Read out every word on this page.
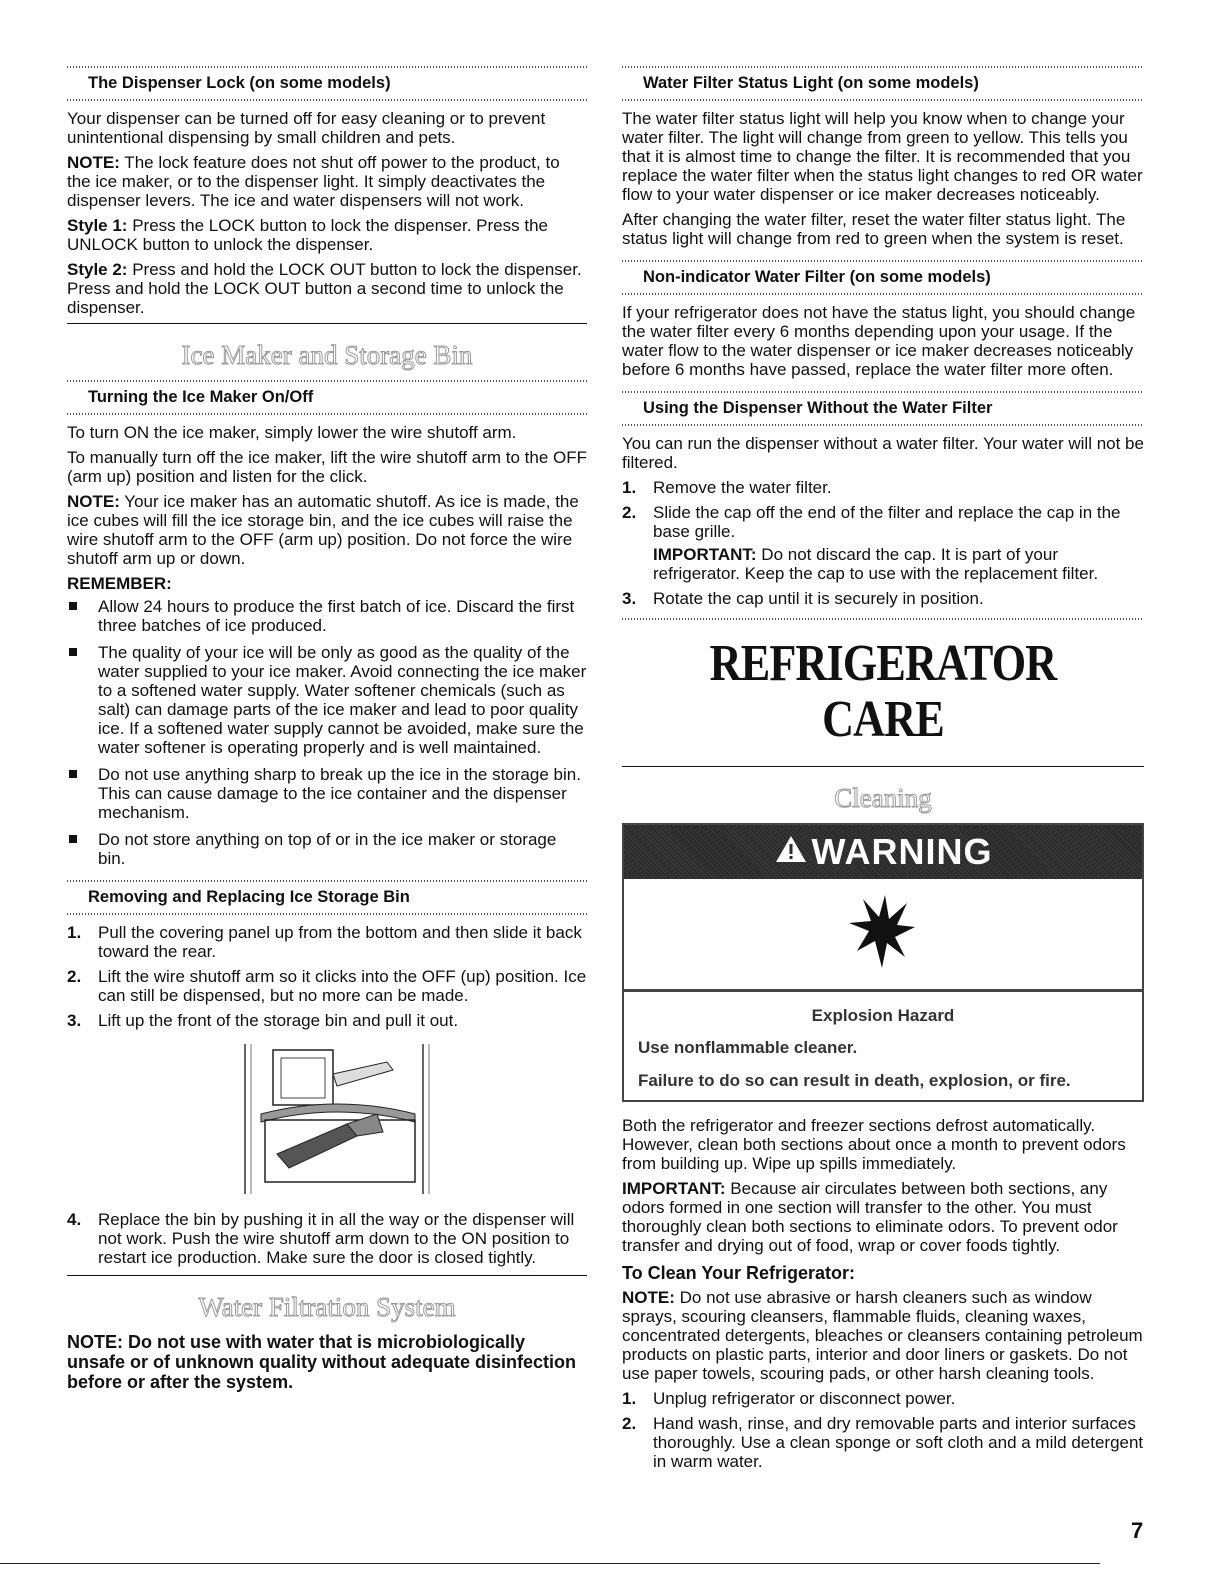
The Dispenser Lock (on some models)

Your dispenser can be turned off for easy cleaning or to prevent unintentional dispensing by small children and pets.

NOTE: The lock feature does not shut off power to the product, to the ice maker, or to the dispenser light. It simply deactivates the dispenser levers. The ice and water dispensers will not work.

Style 1: Press the LOCK button to lock the dispenser. Press the UNLOCK button to unlock the dispenser.

Style 2: Press and hold the LOCK OUT button to lock the dispenser. Press and hold the LOCK OUT button a second time to unlock the dispenser.

Ice Maker and Storage Bin
Turning the Ice Maker On/Off

To turn ON the ice maker, simply lower the wire shutoff arm.

To manually turn off the ice maker, lift the wire shutoff arm to the OFF (arm up) position and listen for the click.

NOTE: Your ice maker has an automatic shutoff. As ice is made, the ice cubes will fill the ice storage bin, and the ice cubes will raise the wire shutoff arm to the OFF (arm up) position. Do not force the wire shutoff arm up or down.

REMEMBER:

Allow 24 hours to produce the first batch of ice. Discard the first three batches of ice produced.
The quality of your ice will be only as good as the quality of the water supplied to your ice maker. Avoid connecting the ice maker to a softened water supply. Water softener chemicals (such as salt) can damage parts of the ice maker and lead to poor quality ice. If a softened water supply cannot be avoided, make sure the water softener is operating properly and is well maintained.
Do not use anything sharp to break up the ice in the storage bin. This can cause damage to the ice container and the dispenser mechanism.
Do not store anything on top of or in the ice maker or storage bin.
Removing and Replacing Ice Storage Bin
1. Pull the covering panel up from the bottom and then slide it back toward the rear.
2. Lift the wire shutoff arm so it clicks into the OFF (up) position. Ice can still be dispensed, but no more can be made.
3. Lift up the front of the storage bin and pull it out.
4. Replace the bin by pushing it in all the way or the dispenser will not work. Push the wire shutoff arm down to the ON position to restart ice production. Make sure the door is closed tightly.
Water Filtration System

NOTE: Do not use with water that is microbiologically unsafe or of unknown quality without adequate disinfection before or after the system.

Water Filter Status Light (on some models)

The water filter status light will help you know when to change your water filter. The light will change from green to yellow. This tells you that it is almost time to change the filter. It is recommended that you replace the water filter when the status light changes to red OR water flow to your water dispenser or ice maker decreases noticeably.

After changing the water filter, reset the water filter status light. The status light will change from red to green when the system is reset.

Non-indicator Water Filter (on some models)

If your refrigerator does not have the status light, you should change the water filter every 6 months depending upon your usage. If the water flow to the water dispenser or ice maker decreases noticeably before 6 months have passed, replace the water filter more often.

Using the Dispenser Without the Water Filter

You can run the dispenser without a water filter. Your water will not be filtered.

1. Remove the water filter.
2. Slide the cap off the end of the filter and replace the cap in the base grille.

IMPORTANT: Do not discard the cap. It is part of your refrigerator. Keep the cap to use with the replacement filter.

3. Rotate the cap until it is securely in position.
REFRIGERATOR CARE
Cleaning
WARNING
Explosion Hazard

Use nonflammable cleaner.

Failure to do so can result in death, explosion, or fire.

Both the refrigerator and freezer sections defrost automatically. However, clean both sections about once a month to prevent odors from building up. Wipe up spills immediately.

IMPORTANT: Because air circulates between both sections, any odors formed in one section will transfer to the other. You must thoroughly clean both sections to eliminate odors. To prevent odor transfer and drying out of food, wrap or cover foods tightly.

To Clean Your Refrigerator:

NOTE: Do not use abrasive or harsh cleaners such as window sprays, scouring cleansers, flammable fluids, cleaning waxes, concentrated detergents, bleaches or cleansers containing petroleum products on plastic parts, interior and door liners or gaskets. Do not use paper towels, scouring pads, or other harsh cleaning tools.

1. Unplug refrigerator or disconnect power.
2. Hand wash, rinse, and dry removable parts and interior surfaces thoroughly. Use a clean sponge or soft cloth and a mild detergent in warm water.
7
